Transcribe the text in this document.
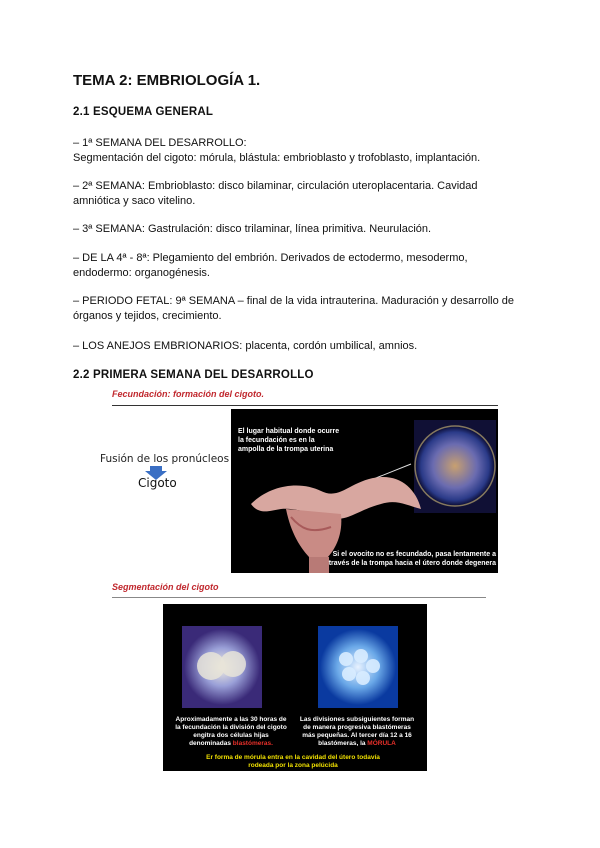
TEMA 2: EMBRIOLOGÍA 1.
2.1 ESQUEMA GENERAL
– 1ª SEMANA DEL DESARROLLO:
Segmentación del cigoto: mórula, blástula: embrioblasto y trofoblasto, implantación.
– 2ª SEMANA: Embrioblasto: disco bilaminar, circulación uteroplacentaria. Cavidad
amniótica y saco vitelino.
– 3ª SEMANA: Gastrulación: disco trilaminar, línea primitiva. Neurulación.
– DE LA 4ª - 8ª: Plegamiento del embrión. Derivados de ectodermo, mesodermo,
endodermo: organogénesis.
– PERIODO FETAL: 9ª SEMANA – final de la vida intrauterina. Maduración y desarrollo de
órganos y tejidos, crecimiento.
– LOS ANEJOS EMBRIONARIOS: placenta, cordón umbilical, amnios.
2.2 PRIMERA SEMANA DEL DESARROLLO
Fecundación: formación del cigoto.
Fusión de los pronúcleos
Cigoto
El lugar habitual donde ocurre la fecundación es en la ampolla de la trompa uterina
Si el ovocito no es fecundado, pasa lentamente a través de la trompa hacia el útero donde degenera
Segmentación del cigoto
Aproximadamente a las 30 horas de la fecundación la división del cigoto engitra dos células hijas denominadas blastómeras.
Las divisiones subsiguientes forman de manera progresiva blastómeras más pequeñas. Al tercer día 12 a 16 blastómeras, la MÓRULA
Er forma de mórula entra en la cavidad del útero todavía rodeada por la zona pelúcida
